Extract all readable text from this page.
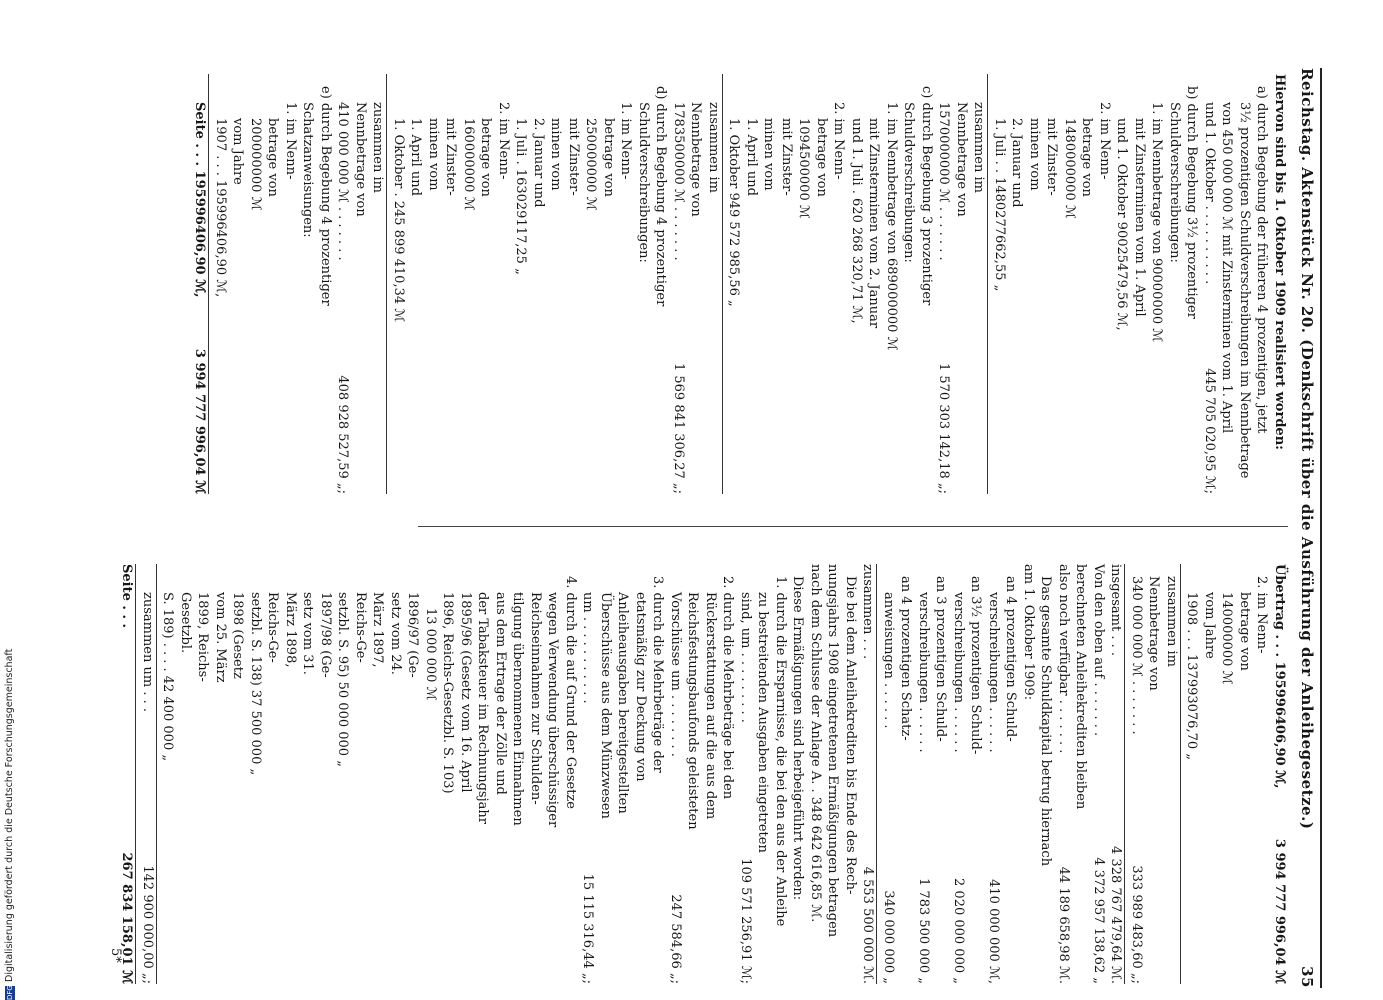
Reichstag. Aktenstück Nr. 20. (Denkschrift über die Ausführung der Anleihegesetze.)
35
Hiervon sind bis 1. Oktober 1909 realisiert worden:
a) durch Begebung der früheren 4 prozentigen, jetzt
3½ prozentigen Schuldverschreibungen im Nennbetrage
von 450 000 000 ℳ mit Zinsterminen vom 1. April
und 1. Oktober . . . . . . . . . .
445 705 020,95 ℳ;
b) durch Begebung 3½ prozentiger
Schuldverschreibungen:
1. im Nennbetrage von 90000000 ℳ
mit Zinsterminen vom 1. April
und 1. Oktober 90025479,56 ℳ,
2. im Nenn-
betrage von
1480000000 ℳ
mit Zinster-
minen vom
2. Januar und
1. Juli . . 1480277662,55 „
zusammen im
Nennbetrage von
1570000000 ℳ . . . . . . .
1 570 303 142,18 „;
c) durch Begebung 3 prozentiger
Schuldverschreibungen:
1. im Nennbetrage von 689000000 ℳ
mit Zinsterminen vom 2. Januar
und 1. Juli . 620 268 320,71 ℳ,
2. im Nenn-
betrage von
1094500000 ℳ
mit Zinster-
minen vom
1. April und
1. Oktober 949 572 985,56 „
zusammen im
Nennbetrage von
1783500000 ℳ . . . . . . .
1 569 841 306,27 „;
d) durch Begebung 4 prozentiger
Schuldverschreibungen:
1. im Nenn-
betrage von
250000000 ℳ
mit Zinster-
minen vom
2. Januar und
1. Juli . 163029117,25 „
2. im Nenn-
betrage von
160000000 ℳ
mit Zinster-
minen vom
1. April und
1. Oktober . 245 899 410,34 ℳ
zusammen im
Nennbetrage von
410 000 000 ℳ . . . . . . .
408 928 527,59 „;
e) durch Begebung 4 prozentiger
Schatzanweisungen:
1. im Nenn-
betrage von
200000000 ℳ
vom Jahre
1907 . . . 195996406,90 ℳ,
Seite . . . 195996406,90 ℳ,
3 994 777 996,04 ℳ
Übertrag . . . 195996406,90 ℳ,
3 994 777 996,04 ℳ
2. im Nenn-
betrage von
140000000 ℳ
vom Jahre
1908 . . . 137993076,70 „
zusammen im
Nennbetrage von
340 000 000 ℳ . . . . . . .
333 989 483,60 „;
insgesamt . . .
4 328 767 479,64 ℳ.
Von den oben auf . . . . . . .
4 372 957 138,62 „
berechneten Anleihekrediten bleiben
also noch verfügbar . . . . . . .
44 189 658,98 ℳ.
Das gesamte Schuldkapital betrug hiernach
am 1. Oktober 1909:
an 4 prozentigen Schuld-
verschreibungen . . . . . .
410 000 000 ℳ,
an 3½ prozentigen Schuld-
verschreibungen . . . . . .
2 020 000 000 „
an 3 prozentigen Schuld-
verschreibungen . . . . . .
1 783 500 000 „
an 4 prozentigen Schatz-
anweisungen . . . . . .
340 000 000 „
zusammen . . .
4 553 500 000 ℳ.
Die bei dem Anleihekrediten bis Ende des Rech-
nungsjahrs 1908 eingetretenen Ermäßigungen betragen
nach dem Schlusse der Anlage A. . 348 642 616,85 ℳ.
Diese Ermäßigungen sind herbeigeführt worden:
1. durch die Ersparnisse, die bei den aus der Anleihe
zu bestreitenden Ausgaben eingetreten
sind, um . . . . . . . . .
109 571 256,91 ℳ;
2. durch die Mehrbeträge bei den
Rückerstattungen auf die aus dem
Reichsfestungsbaufonds geleisteten
Vorschüsse um . . . . . . . .
247 584,66 „;
3. durch die Mehrbeträge der
etatsmäßig zur Deckung von
Anleiheausgaben bereitgestellten
Überschüsse aus dem Münzwesen
um . . . . . . . . . . .
15 115 316,44 „;
4. durch die auf Grund der Gesetze
wegen Verwendung überschüssiger
Reichseinnahmen zur Schulden-
tilgung übernommenen Einnahmen
aus dem Ertrage der Zölle und
der Tabaksteuer im Rechnungsjahr
1895/96 (Gesetz vom 16. April
1896, Reichs-Gesetzbl. S. 103)
13 000 000 ℳ
1896/97 (Ge-
setz vom 24.
März 1897,
Reichs-Ge-
setzbl. S. 95) 50 000 000 „
1897/98 (Ge-
setz vom 31.
März 1898,
Reichs-Ge-
setzbl. S. 138) 37 500 000 „
1898 (Gesetz
vom 25. März
1899, Reichs-
Gesetzbl.
S. 189) . . . . 42 400 000 „
zusammen um . . .
142 900 000,00 „;
Seite . . .
267 834 158,01 ℳ
5*
DFGDigitalisierung gefördert durch die Deutsche Forschungsgemeinschaft
